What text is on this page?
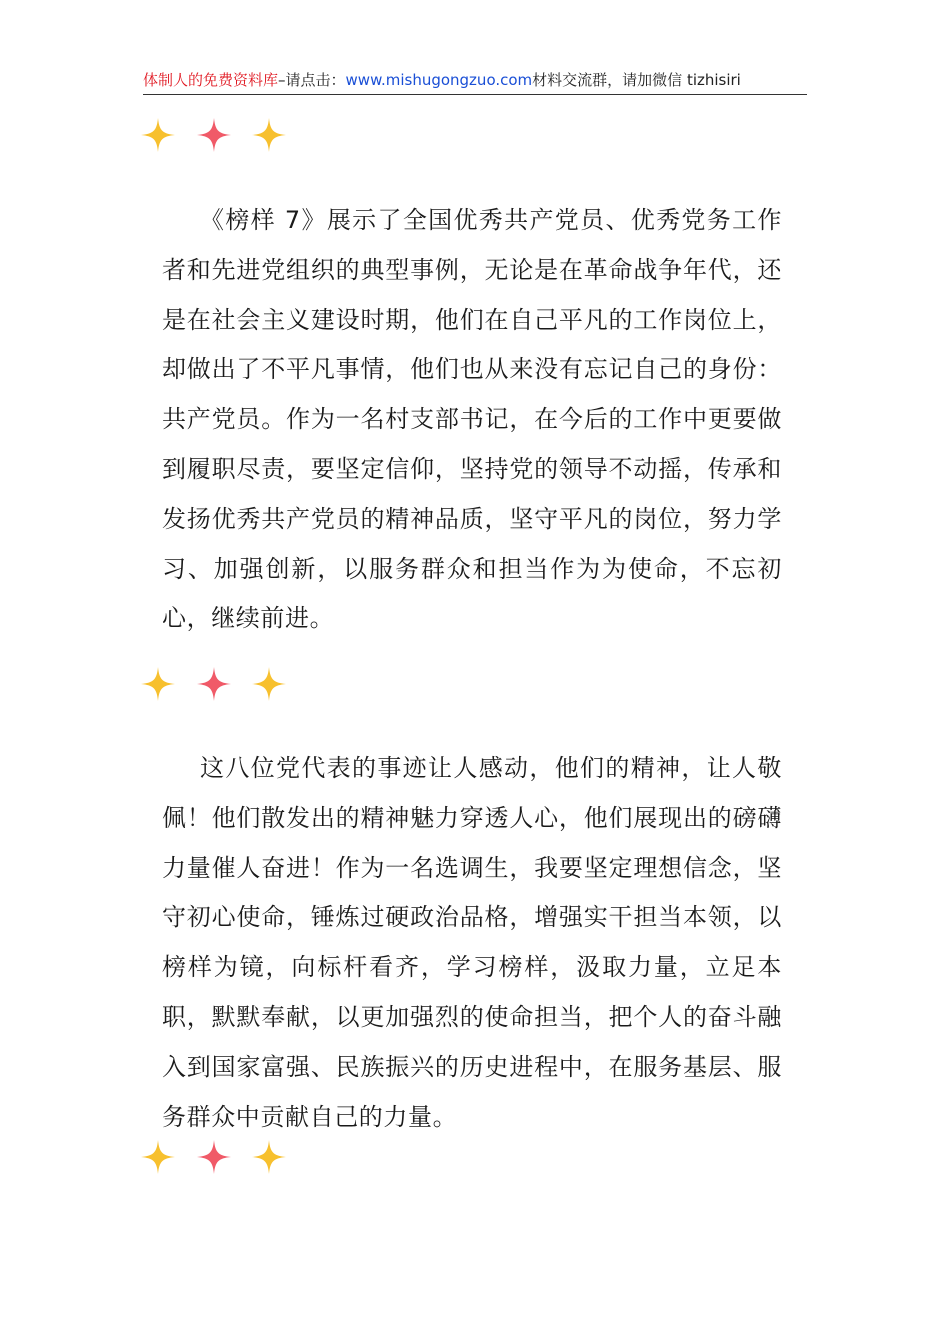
体制人的免费资料库–请点击：www.mishugongzuo.com材料交流群，请加微信 tizhisiri

《榜样 7》展示了全国优秀共产党员、优秀党务工作者和先进党组织的典型事例，无论是在革命战争年代，还是在社会主义建设时期，他们在自己平凡的工作岗位上，却做出了不平凡事情，他们也从来没有忘记自己的身份：共产党员。作为一名村支部书记，在今后的工作中更要做到履职尽责，要坚定信仰，坚持党的领导不动摇，传承和发扬优秀共产党员的精神品质，坚守平凡的岗位，努力学习、加强创新，以服务群众和担当作为为使命，不忘初心，继续前进。

这八位党代表的事迹让人感动，他们的精神，让人敬佩！他们散发出的精神魅力穿透人心，他们展现出的磅礴力量催人奋进！作为一名选调生，我要坚定理想信念，坚守初心使命，锤炼过硬政治品格，增强实干担当本领，以榜样为镜，向标杆看齐，学习榜样，汲取力量，立足本职，默默奉献，以更加强烈的使命担当，把个人的奋斗融入到国家富强、民族振兴的历史进程中，在服务基层、服务群众中贡献自己的力量。
